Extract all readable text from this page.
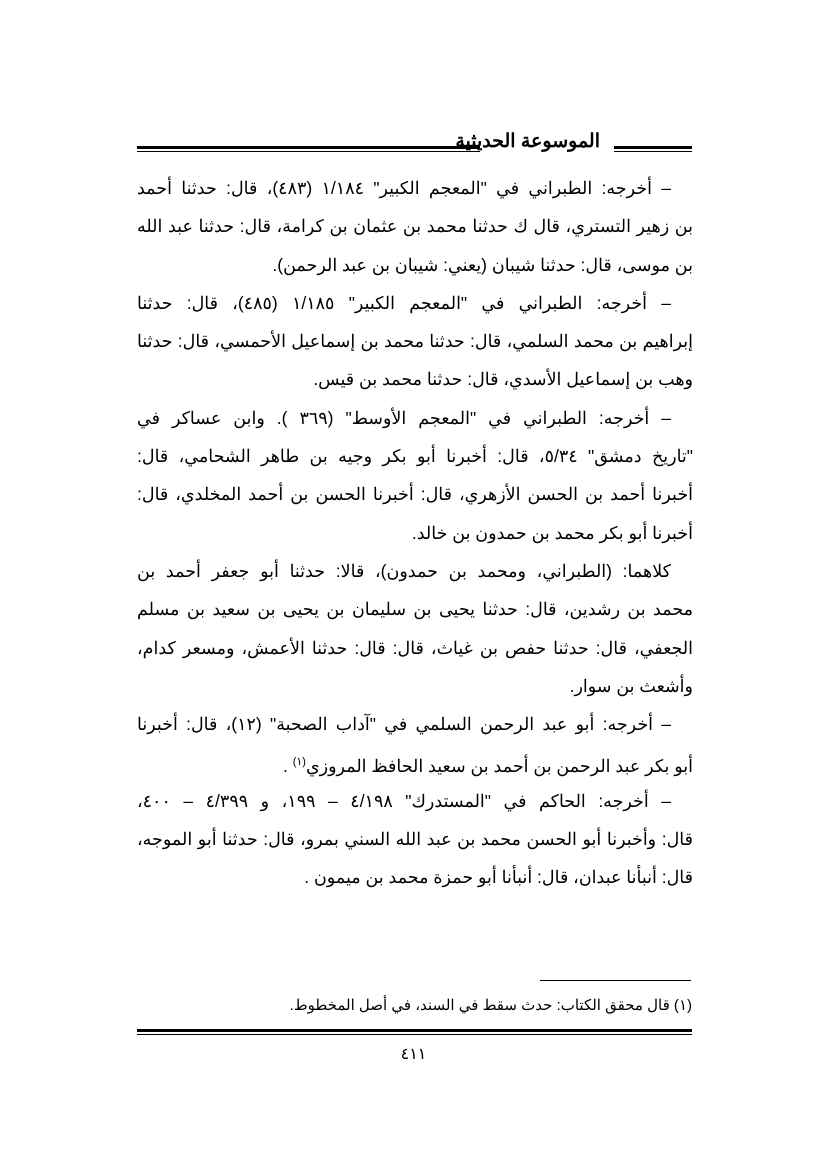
الموسوعة الحديثية
– أخرجه: الطبراني في "المعجم الكبير" ١/١٨٤ (٤٨٣)، قال: حدثنا أحمد
بن زهير التستري، قال ك حدثنا محمد بن عثمان بن كرامة، قال: حدثنا عبد الله
بن موسى، قال: حدثنا شيبان (يعني: شيبان بن عبد الرحمن).
– أخرجه: الطبراني في "المعجم الكبير" ١/١٨٥ (٤٨٥)، قال: حدثنا
إبراهيم بن محمد السلمي، قال: حدثنا محمد بن إسماعيل الأحمسي، قال: حدثنا
وهب بن إسماعيل الأسدي، قال: حدثنا محمد بن قيس.
– أخرجه: الطبراني في "المعجم الأوسط" (٣٦٩ ). وابن عساكر في
"تاريخ دمشق" ٥/٣٤، قال: أخبرنا أبو بكر وجيه بن طاهر الشحامي، قال:
أخبرنا أحمد بن الحسن الأزهري، قال: أخبرنا الحسن بن أحمد المخلدي، قال:
أخبرنا أبو بكر محمد بن حمدون بن خالد.
كلاهما: (الطبراني، ومحمد بن حمدون)، قالا: حدثنا أبو جعفر أحمد بن
محمد بن رشدين، قال: حدثنا يحيى بن سليمان بن يحيى بن سعيد بن مسلم
الجعفي، قال: حدثنا حفص بن غياث، قال: قال: حدثنا الأعمش، ومسعر كدام،
وأشعث بن سوار.
– أخرجه: أبو عبد الرحمن السلمي في "آداب الصحبة" (١٢)، قال: أخبرنا
أبو بكر عبد الرحمن بن أحمد بن سعيد الحافظ المروزي$^{(١)}$ .
– أخرجه: الحاكم في "المستدرك" ٤/١٩٨ – ١٩٩، و ٤/٣٩٩ – ٤٠٠،
قال: وأخبرنا أبو الحسن محمد بن عبد الله السني بمرو، قال: حدثنا أبو الموجه،
قال: أنبأنا عبدان، قال: أنبأنا أبو حمزة محمد بن ميمون .
(١) قال محقق الكتاب: حدث سقط في السند، في أصل المخطوط.
٤١١
